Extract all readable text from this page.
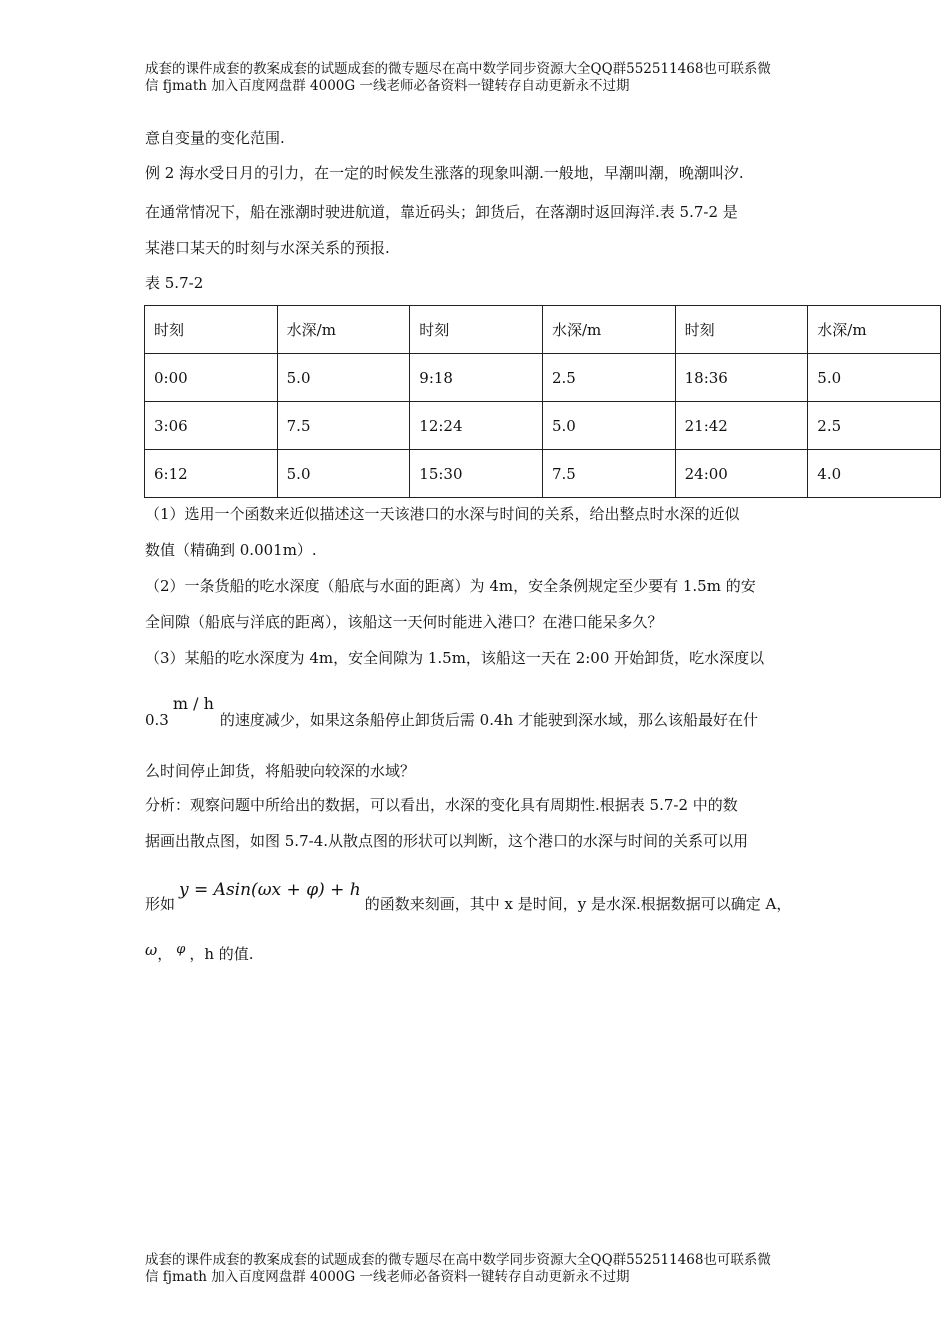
成套的课件成套的教案成套的试题成套的微专题尽在高中数学同步资源大全QQ群552511468也可联系微
信 fjmath 加入百度网盘群 4000G 一线老师必备资料一键转存自动更新永不过期
意自变量的变化范围.
例 2 海水受日月的引力，在一定的时候发生涨落的现象叫潮.一般地，早潮叫潮，晚潮叫汐.
在通常情况下，船在涨潮时驶进航道，靠近码头；卸货后，在落潮时返回海洋.表 5.7-2 是
某港口某天的时刻与水深关系的预报.
表 5.7-2
时刻	水深/m	时刻	水深/m	时刻	水深/m
0:00	5.0	9:18	2.5	18:36	5.0
3:06	7.5	12:24	5.0	21:42	2.5
6:12	5.0	15:30	7.5	24:00	4.0
（1）选用一个函数来近似描述这一天该港口的水深与时间的关系，给出整点时水深的近似
数值（精确到 0.001m）.
（2）一条货船的吃水深度（船底与水面的距离）为 4m，安全条例规定至少要有 1.5m 的安
全间隙（船底与洋底的距离），该船这一天何时能进入港口？在港口能呆多久？
（3）某船的吃水深度为 4m，安全间隙为 1.5m，该船这一天在 2:00 开始卸货，吃水深度以
0.3m / h的速度减少，如果这条船停止卸货后需 0.4h 才能驶到深水域，那么该船最好在什
么时间停止卸货，将船驶向较深的水域？
分析：观察问题中所给出的数据，可以看出，水深的变化具有周期性.根据表 5.7-2 中的数
据画出散点图，如图 5.7-4.从散点图的形状可以判断，这个港口的水深与时间的关系可以用
形如y = Asin(ωx + φ) + h的函数来刻画，其中 x 是时间，y 是水深.根据数据可以确定 A，
ω， φ ，h 的值.
成套的课件成套的教案成套的试题成套的微专题尽在高中数学同步资源大全QQ群552511468也可联系微
信 fjmath 加入百度网盘群 4000G 一线老师必备资料一键转存自动更新永不过期
